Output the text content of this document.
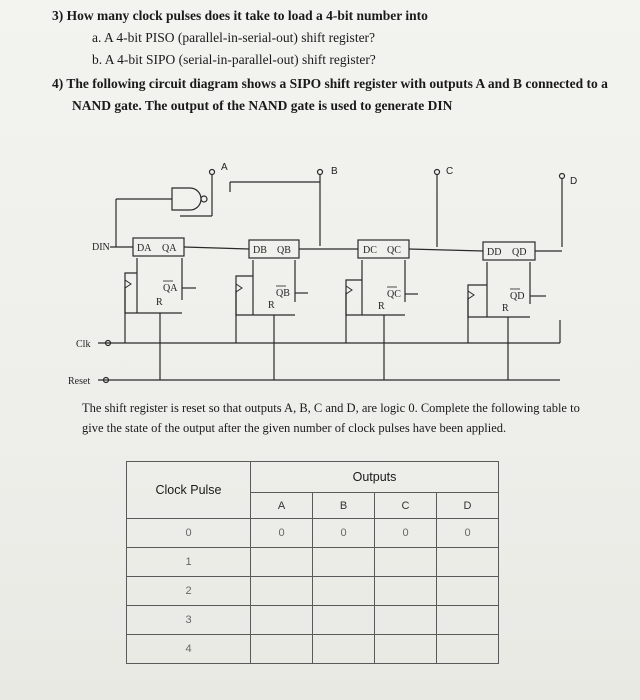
3) How many clock pulses does it take to load a 4-bit number into
a. A 4-bit PISO (parallel-in-serial-out) shift register?
b. A 4-bit SIPO (serial-in-parallel-out) shift register?
4) The following circuit diagram shows a SIPO shift register with outputs A and B connected to a
NAND gate. The output of the NAND gate is used to generate DIN
A	B	C
D
DIN
Clk
Reset
DA QA
QA
R
DB QB
QB
R
DC QC
QC
R
DD QD
QD
R
The shift register is reset so that outputs A, B, C and D, are logic 0. Complete the following table to give the state of the output after the given number of clock pulses have been applied.
Clock Pulse	Outputs			
	A	B	C	D
0	0	0	0	0
1				
2				
3				
4				
